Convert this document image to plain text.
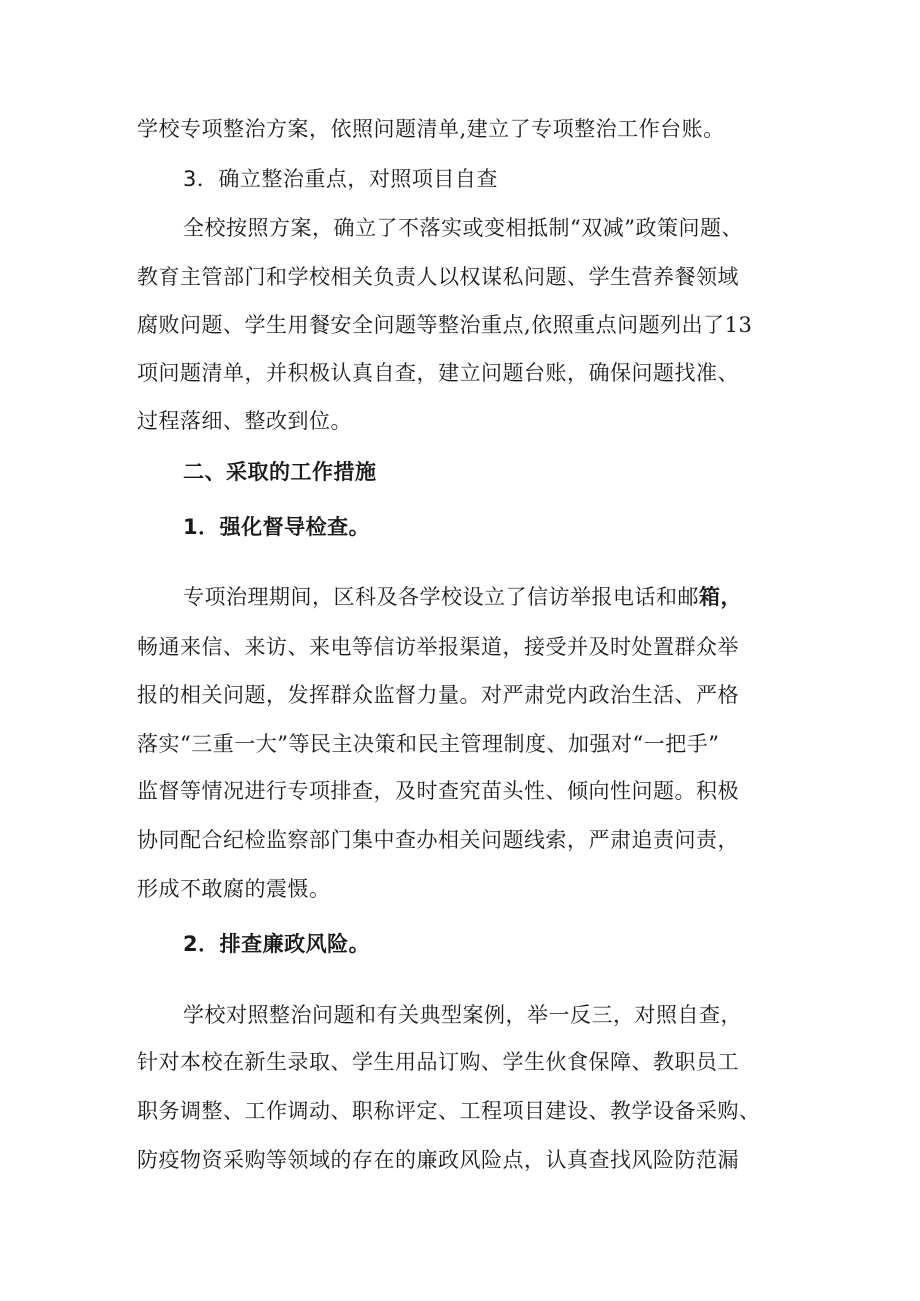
学校专项整治方案，依照问题清单,建立了专项整治工作台账。
3．确立整治重点，对照项目自查
全校按照方案，确立了不落实或变相抵制“双减”政策问题、
教育主管部门和学校相关负责人以权谋私问题、学生营养餐领域
腐败问题、学生用餐安全问题等整治重点,依照重点问题列出了13
项问题清单，并积极认真自查，建立问题台账，确保问题找准、
过程落细、整改到位。
二、采取的工作措施
1．强化督导检查。
专项治理期间，区科及各学校设立了信访举报电话和邮箱，
畅通来信、来访、来电等信访举报渠道，接受并及时处置群众举
报的相关问题，发挥群众监督力量。对严肃党内政治生活、严格
落实“三重一大”等民主决策和民主管理制度、加强对“一把手”
监督等情况进行专项排查，及时查究苗头性、倾向性问题。积极
协同配合纪检监察部门集中查办相关问题线索，严肃追责问责，
形成不敢腐的震慑。
2．排查廉政风险。
学校对照整治问题和有关典型案例，举一反三，对照自查，
针对本校在新生录取、学生用品订购、学生伙食保障、教职员工
职务调整、工作调动、职称评定、工程项目建设、教学设备采购、
防疫物资采购等领域的存在的廉政风险点，认真查找风险防范漏
